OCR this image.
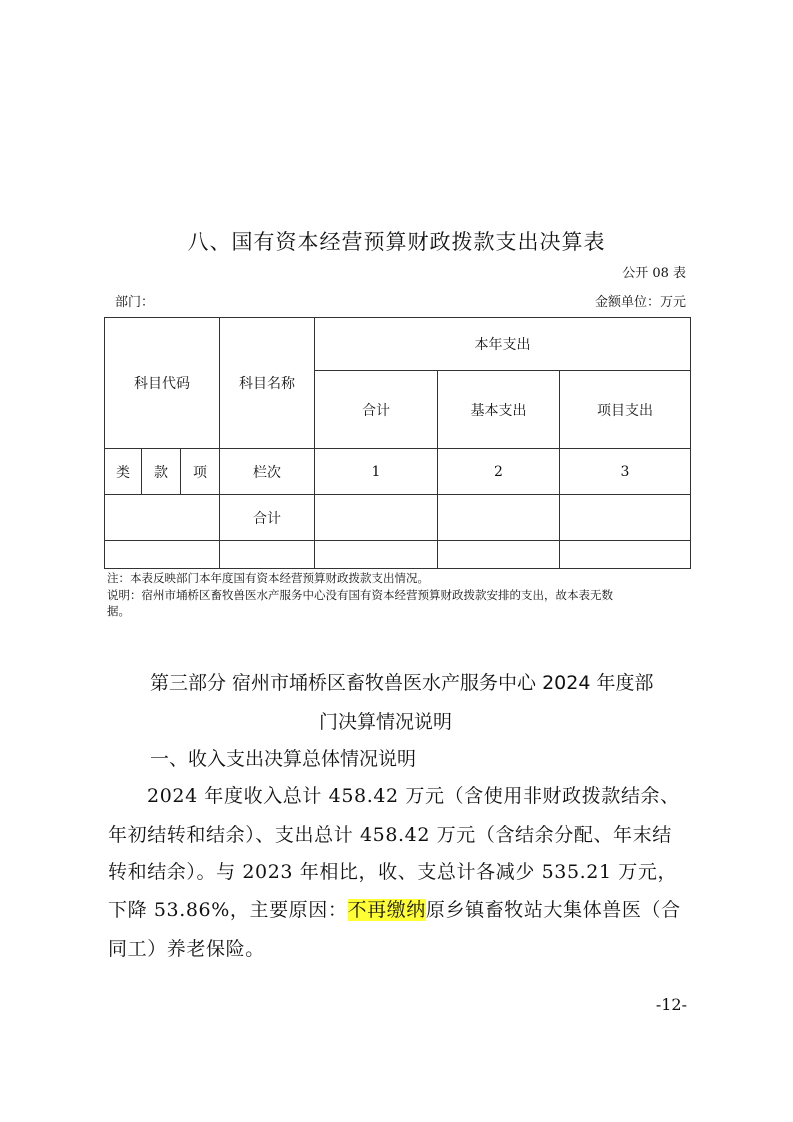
八、国有资本经营预算财政拨款支出决算表
公开 08 表
部门：	金额单位：万元
科目代码			科目名称	本年支出		
				合计	基本支出	项目支出
类	款	项	栏次	1	2	3
			合计			

注：本表反映部门本年度国有资本经营预算财政拨款支出情况。
说明：宿州市埇桥区畜牧兽医水产服务中心没有国有资本经营预算财政拨款安排的支出，故本表无数
据。
第三部分 宿州市埇桥区畜牧兽医水产服务中心 2024 年度部
门决算情况说明
一、收入支出决算总体情况说明
2024 年度收入总计 458.42 万元（含使用非财政拨款结余、
年初结转和结余）、支出总计 458.42 万元（含结余分配、年末结
转和结余）。与 2023 年相比，收、支总计各减少 535.21 万元，
下降 53.86%，主要原因：不再缴纳原乡镇畜牧站大集体兽医（合
同工）养老保险。
-12-
